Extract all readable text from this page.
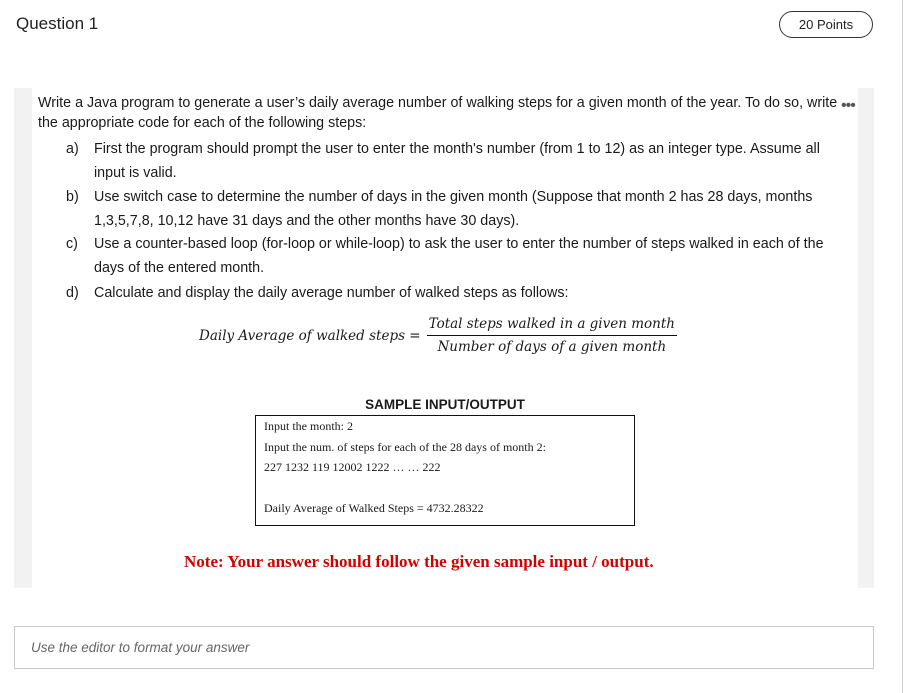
Question 1	20 Points
•••
Write a Java program to generate a user’s daily average number of walking steps for a given month of the year. To do so, write the appropriate code for each of the following steps:
a)	First the program should prompt the user to enter the month's number (from 1 to 12) as an integer type. Assume all input is valid.
b)	Use switch case to determine the number of days in the given month (Suppose that month 2 has 28 days, months 1,3,5,7,8, 10,12 have 31 days and the other months have 30 days).
c)	Use a counter-based loop (for-loop or while-loop) to ask the user to enter the number of steps walked in each of the days of the entered month.
d)	Calculate and display the daily average number of walked steps as follows:
Daily Average of walked steps = $\frac{\text{Total steps walked in a given month}}{\text{Number of days of a given month}}$
SAMPLE INPUT/OUTPUT
Input the month: 2
Input the num. of steps for each of the 28 days of month 2:
227 1232 119 12002 1222 … … 222
Daily Average of Walked Steps = 4732.28322
Note: Your answer should follow the given sample input / output.
Use the editor to format your answer
